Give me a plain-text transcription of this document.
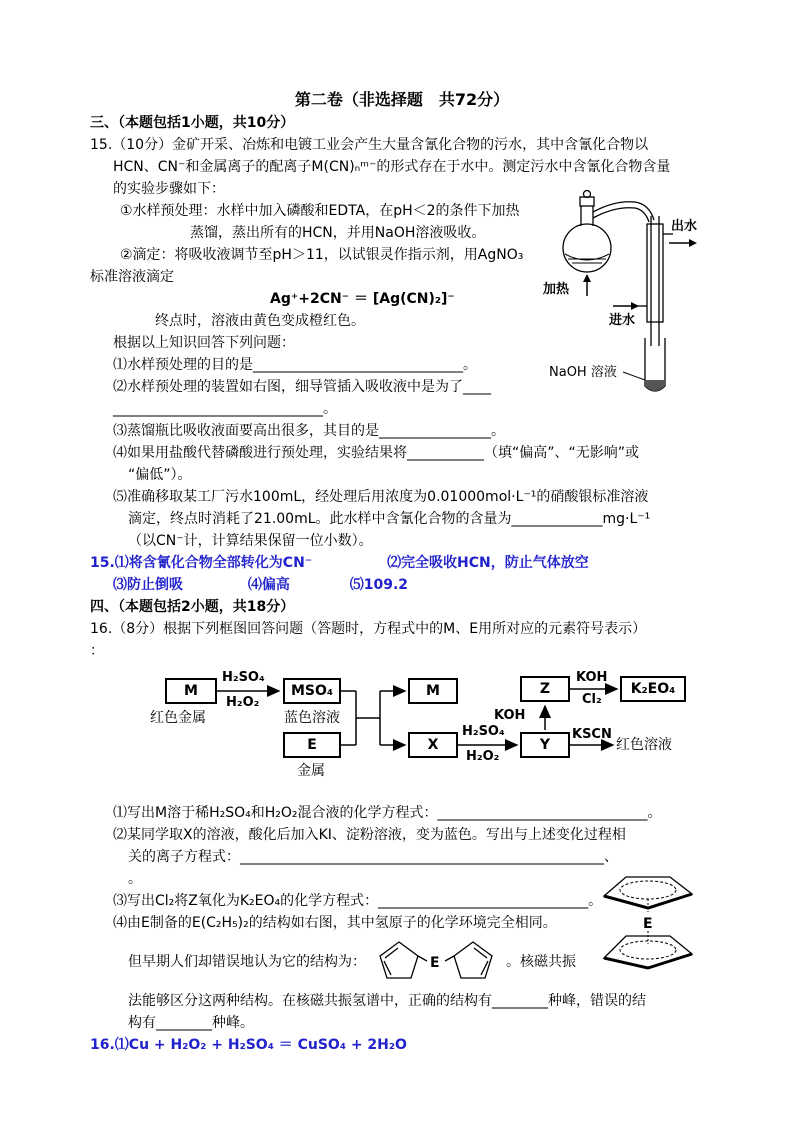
第二卷（非选择题　共72分）
三、（本题包括1小题，共10分）
15.（10分）金矿开采、冶炼和电镀工业会产生大量含氰化合物的污水，其中含氰化合物以
HCN、CN⁻和金属离子的配离子M(CN)ₙᵐ⁻的形式存在于水中。测定污水中含氰化合物含量
的实验步骤如下：
①水样预处理：水样中加入磷酸和EDTA，在pH＜2的条件下加热
蒸馏，蒸出所有的HCN，并用NaOH溶液吸收。
②滴定：将吸收液调节至pH＞11，以试银灵作指示剂，用AgNO₃
标准溶液滴定
Ag⁺+2CN⁻ ＝ [Ag(CN)₂]⁻
终点时，溶液由黄色变成橙红色。
根据以上知识回答下列问题：
⑴水样预处理的目的是______________________________。
⑵水样预处理的装置如右图，细导管插入吸收液中是为了____
______________________________。
⑶蒸馏瓶比吸收液面要高出很多，其目的是________________。
⑷如果用盐酸代替磷酸进行预处理，实验结果将___________（填“偏高”、“无影响”或
“偏低”）。
⑸准确移取某工厂污水100mL，经处理后用浓度为0.01000mol·L⁻¹的硝酸银标准溶液
滴定，终点时消耗了21.00mL。此水样中含氰化合物的含量为_____________mg·L⁻¹
（以CN⁻计，计算结果保留一位小数）。
15.⑴将含氰化合物全部转化为CN⁻	⑵完全吸收HCN，防止气体放空
⑶防止倒吸	⑷偏高	⑸109.2
四、（本题包括2小题，共18分）
16.（8分）根据下列框图回答问题（答题时，方程式中的M、E用所对应的元素符号表示）
：
M
红色金属
H₂SO₄
H₂O₂
MSO₄
蓝色溶液
E
金属
M
X
H₂SO₄
H₂O₂
Y
KOH
Z
KOH
Cl₂
K₂EO₄
KSCN
红色溶液
⑴写出M溶于稀H₂SO₄和H₂O₂混合液的化学方程式：______________________________。
⑵某同学取X的溶液，酸化后加入KI、淀粉溶液，变为蓝色。写出与上述变化过程相
关的离子方程式：____________________________________________________、
。
⑶写出Cl₂将Z氧化为K₂EO₄的化学方程式：______________________________。
⑷由E制备的E(C₂H₅)₂的结构如右图，其中氢原子的化学环境完全相同。
但早期人们却错误地认为它的结构为：	E	。核磁共振
法能够区分这两种结构。在核磁共振氢谱中，正确的结构有________种峰，错误的结
构有________种峰。
16.⑴Cu + H₂O₂ + H₂SO₄ ＝ CuSO₄ + 2H₂O
加热
出水
进水
NaOH 溶液
E
